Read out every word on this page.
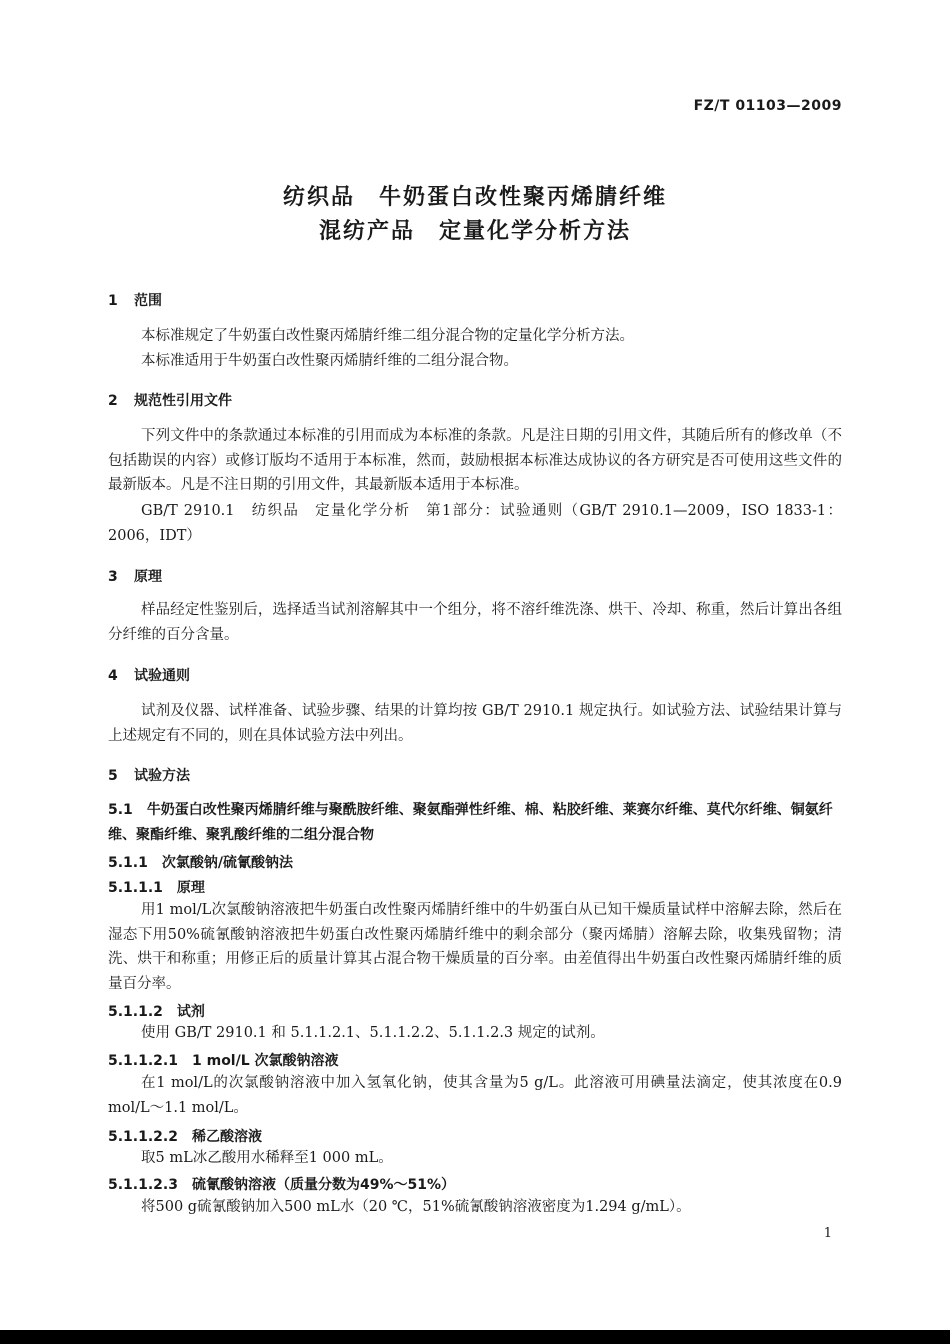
FZ/T 01103—2009
纺织品　牛奶蛋白改性聚丙烯腈纤维
混纺产品　定量化学分析方法
1 范围
本标准规定了牛奶蛋白改性聚丙烯腈纤维二组分混合物的定量化学分析方法。
本标准适用于牛奶蛋白改性聚丙烯腈纤维的二组分混合物。
2 规范性引用文件
下列文件中的条款通过本标准的引用而成为本标准的条款。凡是注日期的引用文件，其随后所有的修改单（不包括勘误的内容）或修订版均不适用于本标准，然而，鼓励根据本标准达成协议的各方研究是否可使用这些文件的最新版本。凡是不注日期的引用文件，其最新版本适用于本标准。
GB/T 2910.1　纺织品　定量化学分析　第1部分：试验通则（GB/T 2910.1—2009，ISO 1833-1：2006，IDT）
3 原理
样品经定性鉴别后，选择适当试剂溶解其中一个组分，将不溶纤维洗涤、烘干、冷却、称重，然后计算出各组分纤维的百分含量。
4 试验通则
试剂及仪器、试样准备、试验步骤、结果的计算均按 GB/T 2910.1 规定执行。如试验方法、试验结果计算与上述规定有不同的，则在具体试验方法中列出。
5 试验方法
5.1 牛奶蛋白改性聚丙烯腈纤维与聚酰胺纤维、聚氨酯弹性纤维、棉、粘胶纤维、莱赛尔纤维、莫代尔纤维、铜氨纤维、聚酯纤维、聚乳酸纤维的二组分混合物
5.1.1 次氯酸钠/硫氰酸钠法
5.1.1.1 原理
用1 mol/L次氯酸钠溶液把牛奶蛋白改性聚丙烯腈纤维中的牛奶蛋白从已知干燥质量试样中溶解去除，然后在湿态下用50%硫氰酸钠溶液把牛奶蛋白改性聚丙烯腈纤维中的剩余部分（聚丙烯腈）溶解去除，收集残留物；清洗、烘干和称重；用修正后的质量计算其占混合物干燥质量的百分率。由差值得出牛奶蛋白改性聚丙烯腈纤维的质量百分率。
5.1.1.2 试剂
使用 GB/T 2910.1 和 5.1.1.2.1、5.1.1.2.2、5.1.1.2.3 规定的试剂。
5.1.1.2.1 1 mol/L 次氯酸钠溶液
在1 mol/L的次氯酸钠溶液中加入氢氧化钠，使其含量为5 g/L。此溶液可用碘量法滴定，使其浓度在0.9 mol/L～1.1 mol/L。
5.1.1.2.2 稀乙酸溶液
取5 mL冰乙酸用水稀释至1 000 mL。
5.1.1.2.3 硫氰酸钠溶液（质量分数为49%～51%）
将500 g硫氰酸钠加入500 mL水（20 ℃，51%硫氰酸钠溶液密度为1.294 g/mL）。
1
